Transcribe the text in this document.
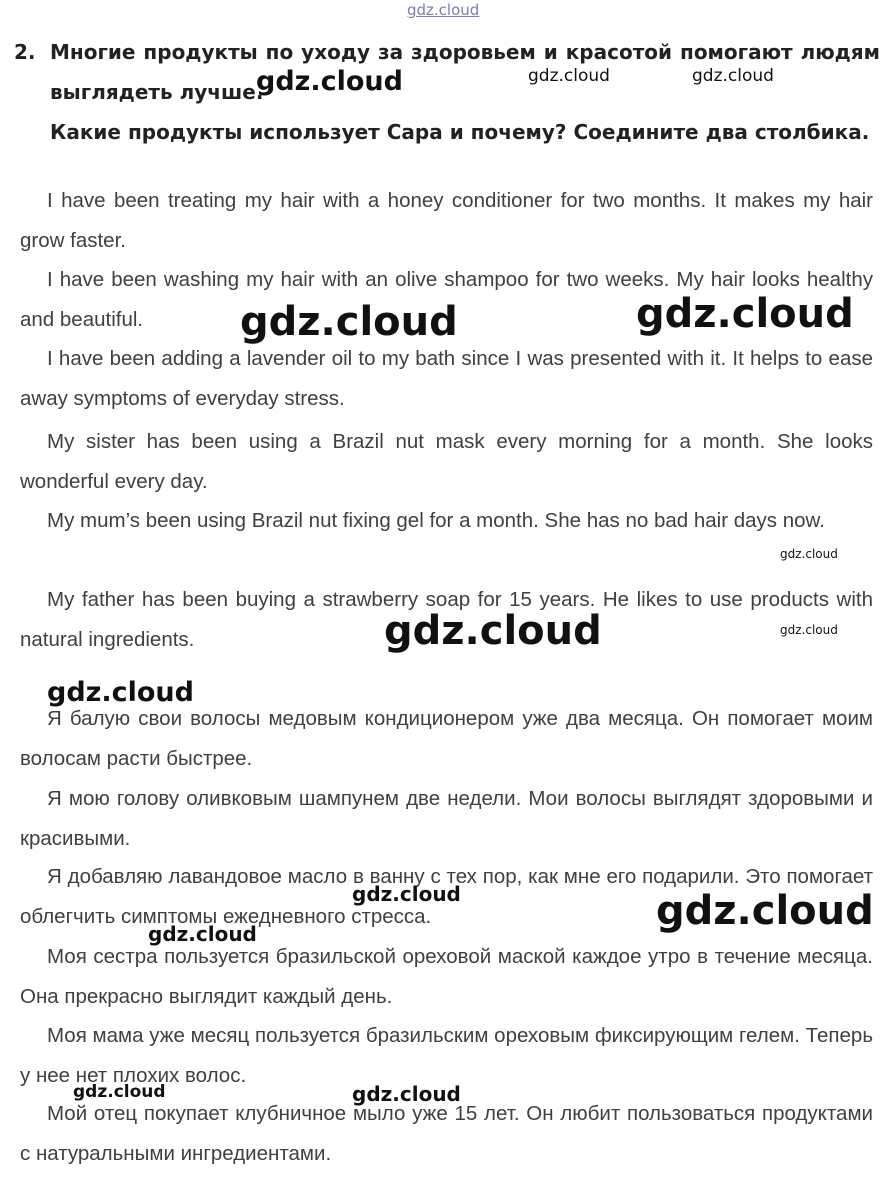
2. Многие продукты по уходу за здоровьем и красотой помогают людям
выглядеть лучше.
Какие продукты использует Сара и почему? Соедините два столбика.

I have been treating my hair with a honey conditioner for two months. It makes my hair grow faster.

I have been washing my hair with an olive shampoo for two weeks. My hair looks healthy and beautiful.

I have been adding a lavender oil to my bath since I was presented with it. It helps to ease away symptoms of everyday stress.

My sister has been using a Brazil nut mask every morning for a month. She looks wonderful every day.

My mum’s been using Brazil nut fixing gel for a month. She has no bad hair days now.

My father has been buying a strawberry soap for 15 years. He likes to use products with natural ingredients.

Я балую свои волосы медовым кондиционером уже два месяца. Он помогает моим волосам расти быстрее.

Я мою голову оливковым шампунем две недели. Мои волосы выглядят здоровыми и красивыми.

Я добавляю лавандовое масло в ванну с тех пор, как мне его подарили. Это помогает облегчить симптомы ежедневного стресса.

Моя сестра пользуется бразильской ореховой маской каждое утро в течение месяца. Она прекрасно выглядит каждый день.

Моя мама уже месяц пользуется бразильским ореховым фиксирующим гелем. Теперь у нее нет плохих волос.

Мой отец покупает клубничное мыло уже 15 лет. Он любит пользоваться продуктами с натуральными ингредиентами.

gdz.cloud
gdz.cloud	gdz.cloud	gdz.cloud
gdz.cloud	gdz.cloud
gdz.cloud
gdz.cloud	gdz.cloud
gdz.cloud
gdz.cloud	gdz.cloud
gdz.cloud
gdz.cloud	gdz.cloud
